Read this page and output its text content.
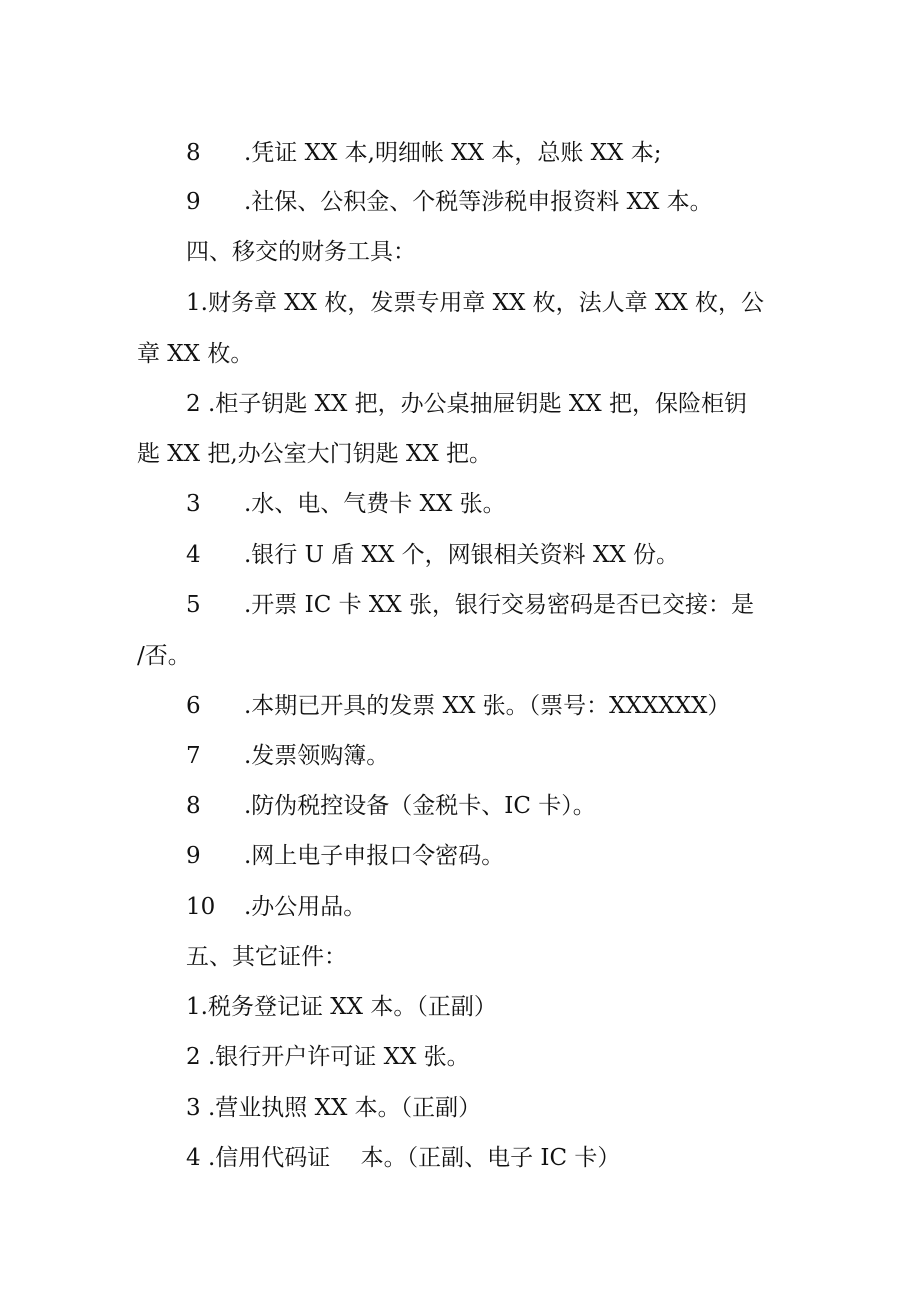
8 .凭证 XX 本,明细帐 XX 本，总账 XX 本;

9 .社保、公积金、个税等涉税申报资料 XX 本。

四、移交的财务工具：

1.财务章 XX 枚，发票专用章 XX 枚，法人章 XX 枚，公

章 XX 枚。

2 .柜子钥匙 XX 把，办公桌抽屉钥匙 XX 把，保险柜钥

匙 XX 把,办公室大门钥匙 XX 把。

3 .水、电、气费卡 XX 张。

4 .银行 U 盾 XX 个，网银相关资料 XX 份。

5 .开票 IC 卡 XX 张，银行交易密码是否已交接：是

/否。

6 .本期已开具的发票 XX 张。（票号：XXXXXX）

7 .发票领购簿。

8 .防伪税控设备（金税卡、IC 卡）。

9 .网上电子申报口令密码。

10 .办公用品。

五、其它证件：

1.税务登记证 XX 本。（正副）

2 .银行开户许可证 XX 张。

3 .营业执照 XX 本。（正副）

4 .信用代码证　 本。（正副、电子 IC 卡）
